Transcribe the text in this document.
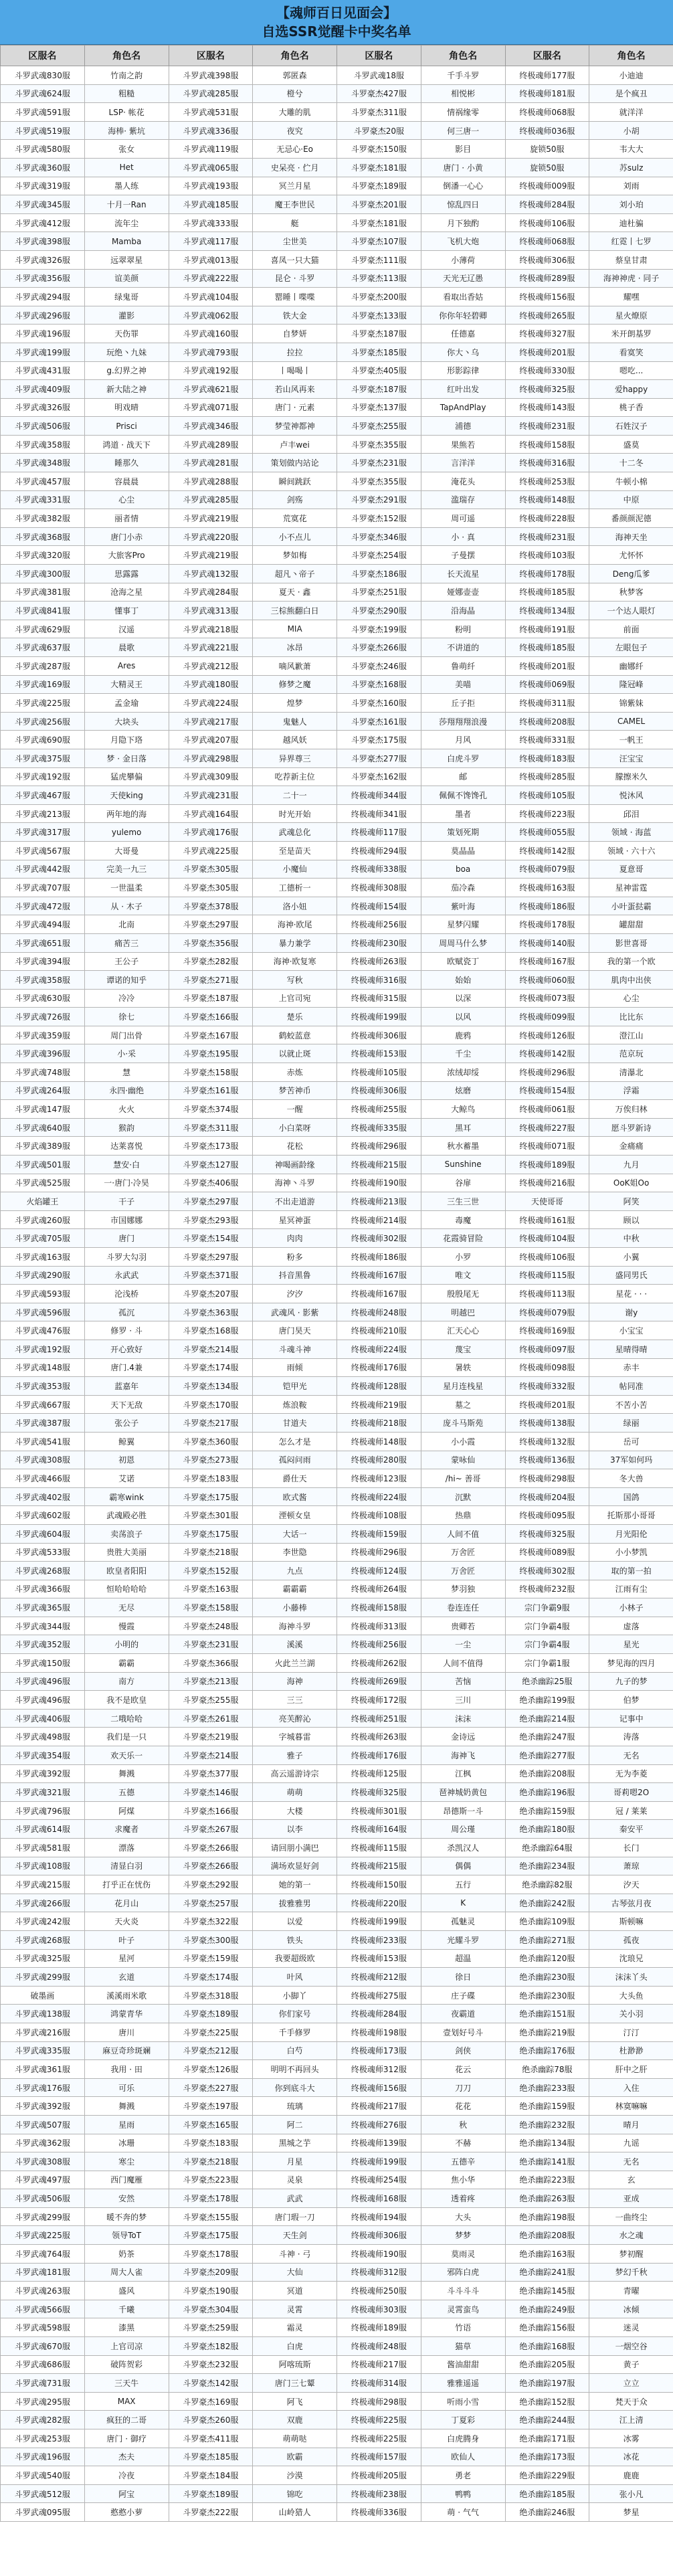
【魂师百日见面会】
自选SSR觉醒卡中奖名单
区服名	角色名	区服名	角色名	区服名	角色名	区服名	角色名
斗罗武魂830服	竹南之韵	斗罗武魂398服	郭匿森	斗罗武魂18服	千手斗罗	终极魂师177服	小迪迪
斗罗武魂624服	粗糙	斗罗武魂285服	橙兮	斗罗豪杰427服	相悦彬	终极魂师181服	是个疯丑
斗罗武魂591服	LSP· 帐花	斗罗武魂531服	大雕的肌	斗罗豪杰311服	情祸缘零	终极魂师068服	就洋洋
斗罗武魂519服	海棒· 紫坑	斗罗武魂336服	夜究	斗罗豪杰20服	何三唐一	终极魂师036服	小胡
斗罗武魂580服	张女	斗罗武魂119服	无忌心·Eo	斗罗豪杰150服	影目	旋锁50服	韦大大
斗罗武魂360服	Het	斗罗武魂065服	史呆亮 · 伫月	斗罗豪杰181服	唐门 · 小黄	旋锁50服	苏sulz
斗罗武魂319服	墨人练	斗罗武魂193服	冥兰月星	斗罗豪杰189服	倒潘一心心	终极魂师009服	刘雨
斗罗武魂345服	十月一Ran	斗罗武魂185服	魔王李世民	斗罗豪杰201服	惊乱四日	终极魂师284服	刘小珀
斗罗武魂412服	流年尘	斗罗武魂333服	艇	斗罗豪杰181服	月下独酌	终极魂师106服	迪杜骗
斗罗武魂398服	Mamba	斗罗武魂117服	尘世美	斗罗豪杰107服	飞机大炮	终极魂师068服	红霓丨七罗
斗罗武魂326服	远翠翠星	斗罗武魂013服	喜凤一只大猫	斗罗豪杰111服	小薄荷	终极魂师306服	蔡皇甘肃
斗罗武魂356服	谊美颜	斗罗武魂222服	昆仑 · 斗罗	斗罗豪杰113服	天光无辽愚	终极魂师289服	海神神虎 · 同子
斗罗武魂294服	绿鬼哥	斗罗武魂104服	罂睡丨喋喋	斗罗豪杰200服	看取出香姑	终极魂师156服	耀嘿
斗罗武魂296服	灌影	斗罗武魂062服	铁大金	斗罗豪杰133服	你你年轻碧卿	终极魂师265服	星火燎原
斗罗武魂196服	天伤罪	斗罗武魂160服	自梦妍	斗罗豪杰187服	任德嘉	终极魂师327服	米开朗基罗
斗罗武魂199服	玩绝丶九妹	斗罗武魂793服	拉拉	斗罗豪杰185服	你大丶乌	终极魂师201服	看寞笑
斗罗武魂431服	g.幻界之神	斗罗武魂192服	丨喝喝丨	斗罗豪杰405服	形影踪律	终极魂师330服	嗯吃...
斗罗武魂409服	新大陆之神	斗罗武魂621服	若山风再来	斗罗豪杰187服	红叶出发	终极魂师325服	爱happy
斗罗武魂326服	明戏晴	斗罗武魂071服	唐门 · 元素	斗罗豪杰137服	TapAndPlay	终极魂师143服	桃子香
斗罗武魂506服	Prisci	斗罗武魂346服	梦莹神都神	斗罗豪杰255服	浦德	终极魂师231服	石姓汉子
斗罗武魂358服	鸿道 · 战天下	斗罗武魂289服	卢丰wei	斗罗豪杰355服	果熊若	终极魂师158服	盛莫
斗罗武魂348服	睡那久	斗罗武魂281服	策划做内站论	斗罗豪杰231服	言洋洋	终极魂师316服	十二冬
斗罗武魂457服	容晨晨	斗罗武魂288服	瞬间跳跃	斗罗豪杰355服	淹花头	终极魂师253服	牛顿小棉
斗罗武魂331服	心尘	斗罗武魂285服	剑殇	斗罗豪杰291服	滥瑞存	终极魂师148服	中原
斗罗武魂382服	丽者情	斗罗武魂219服	荒寞花	斗罗豪杰152服	周可遥	终极魂师228服	番颜颜泥德
斗罗武魂368服	唐门小赤	斗罗武魂220服	小不点儿	斗罗豪杰346服	小 · 真	终极魂师231服	海神天坐
斗罗武魂320服	大旅客Pro	斗罗武魂219服	梦如梅	斗罗豪杰254服	子曼摆	终极魂师103服	尤怀怀
斗罗武魂300服	思露露	斗罗武魂132服	超凡丶帝子	斗罗豪杰186服	长天流星	终极魂师178服	Deng瓜爹
斗罗武魂381服	沧海之星	斗罗武魂284服	夏天 · 鑫	斗罗豪杰251服	娅娜壶壶	终极魂师185服	秋梦客
斗罗武魂841服	懂事丁	斗罗武魂313服	三棕熊翻白日	斗罗豪杰290服	沿海晶	终极魂师134服	一个达人眼灯
斗罗武魂629服	汉遥	斗罗武魂218服	MIA	斗罗豪杰199服	粉明	终极魂师191服	前面
斗罗武魂637服	晨歌	斗罗武魂221服	冰昂	斗罗豪杰266服	不讲道的	终极魂师185服	左眼包子
斗罗武魂287服	Ares	斗罗武魂212服	嘀风歉萧	斗罗豪杰246服	鲁萌纤	终极魂师201服	幽娜纤
斗罗武魂169服	大精灵王	斗罗武魂180服	修梦之魔	斗罗豪杰168服	美喵	终极魂师069服	隆冠峰
斗罗武魂225服	孟金瑜	斗罗武魂224服	煌梦	斗罗豪杰160服	丘子拒	终极魂师311服	锦紫妹
斗罗武魂256服	大块头	斗罗武魂217服	鬼魅人	斗罗豪杰161服	莎翔翔翔浪漫	终极魂师208服	CAMEL
斗罗武魂690服	月隐下珞	斗罗武魂207服	越风妖	斗罗豪杰175服	月风	终极魂师331服	一帆王
斗罗武魂375服	梦 · 金日落	斗罗武魂298服	异界尊三	斗罗豪杰277服	白虎斗罗	终极魂师183服	汪宝宝
斗罗武魂192服	猛虎攀偏	斗罗武魂309服	吃荐新主位	斗罗豪杰162服	邮	终极魂师285服	朦擦米久
斗罗武魂467服	天使king	斗罗武魂231服	二十一	终极魂师344服	佩佩不馋馋孔	终极魂师105服	悦沐风
斗罗武魂213服	两年地的海	斗罗武魂164服	时光开始	终极魂师341服	墨者	终极魂师223服	邱泪
斗罗武魂317服	yulemo	斗罗武魂176服	武魂总化	终极魂师117服	策划死期	终极魂师055服	领域 · 海蓝
斗罗武魂567服	大哥曼	斗罗武魂225服	至是苗天	终极魂师294服	莫晶晶	终极魂师142服	领域 · 六十六
斗罗武魂442服	完美一九三	斗罗豪杰305服	小魔仙	终极魂师338服	boa	终极魂师079服	夏意哥
斗罗武魂707服	一世温柔	斗罗豪杰305服	工德析一	终极魂师308服	茄冷森	终极魂师163服	星神雷霆
斗罗武魂472服	从 · 木子	斗罗豪杰378服	洛小妞	终极魂师154服	紫叶海	终极魂师186服	小叶蛋挞霸
斗罗武魂494服	北南	斗罗豪杰297服	海神·欧尾	终极魂师256服	星梦闪耀	终极魂师178服	罐甜甜
斗罗武魂651服	痛苦三	斗罗豪杰356服	暴力兼学	终极魂师230服	周周马什么梦	终极魂师140服	影世喜哥
斗罗武魂394服	王公子	斗罗豪杰282服	海神·欧复寒	终极魂师263服	欧赋瓷丁	终极魂师167服	我的第一个欧
斗罗武魂358服	谭诺的知乎	斗罗豪杰271服	写秋	终极魂师316服	始始	终极魂师060服	肌肉中出侠
斗罗武魂630服	冷冷	斗罗豪杰187服	上官司宛	终极魂师315服	以深	终极魂师073服	心尘
斗罗武魂726服	徐七	斗罗豪杰166服	楚乐	终极魂师199服	以风	终极魂师099服	比比东
斗罗武魂359服	周门出骨	斗罗豪杰167服	鹤蛟蓝意	终极魂师306服	鹿鸦	终极魂师126服	澄江山
斗罗武魂396服	小·采	斗罗豪杰195服	以就止斑	终极魂师153服	千尘	终极魂师142服	范京玩
斗罗武魂748服	慧	斗罗豪杰158服	赤炼	终极魂师105服	浓绒却绥	终极魂师296服	清瀑北
斗罗武魂264服	永四·幽绝	斗罗豪杰161服	梦苦神币	终极魂师306服	炫磨	终极魂师154服	浮霜
斗罗武魂147服	火火	斗罗豪杰374服	一醒	终极魂师255服	大鲸鸟	终极魂师061服	万俟归林
斗罗武魂640服	猴韵	斗罗豪杰311服	小白菜呀	终极魂师335服	黑耳	终极魂师227服	愿斗罗新诗
斗罗武魂389服	达莱喜悦	斗罗豪杰173服	花松	终极魂师296服	秋水蓄墨	终极魂师071服	金痛痛
斗罗武魂501服	慧安·白	斗罗豪杰127服	神喝画龄缘	终极魂师215服	Sunshine	终极魂师189服	九月
斗罗武魂525服	一·唐门·冷昊	斗罗豪杰406服	海神丶斗罗	终极魂师190服	谷扉	终极魂师216服	OoK姐Oo
火焰罐王	干子	斗罗豪杰297服	不出走道游	终极魂师213服	三生三世	天使哥哥	阿笑
斗罗武魂260服	市国娜娜	斗罗豪杰293服	星冥神蛋	终极魂师214服	毒魔	终极魂师161服	顾以
斗罗武魂705服	唐门	斗罗豪杰154服	肉肉	终极魂师302服	花霞骑冒险	终极魂师104服	中秋
斗罗武魂163服	斗罗大勾羽	斗罗豪杰297服	粉多	终极魂师186服	小罗	终极魂师106服	小翼
斗罗武魂290服	永武武	斗罗豪杰371服	抖音黑鲁	终极魂师167服	唯文	终极魂师115服	盛同男氏
斗罗武魂593服	沦浅桥	斗罗豪杰207服	汐汐	终极魂师167服	殷殷尾无	终极魂师113服	星花 · · ·
斗罗武魂596服	孤沉	斗罗豪杰363服	武魂风 · 影紫	终极魂师248服	明越巴	终极魂师079服	谢y
斗罗武魂476服	修罗 · 斗	斗罗豪杰168服	唐门昊天	终极魂师210服	汇天心心	终极魂师169服	小宝宝
斗罗武魂192服	开心致好	斗罗豪杰214服	斗魂斗神	终极魂师224服	蔑宝	终极魂师097服	星晴得晴
斗罗武魂148服	唐门.4兼	斗罗豪杰174服	雨倾	终极魂师176服	暑轶	终极魂师098服	赤丰
斗罗武魂353服	蓝嘉年	斗罗豪杰134服	铠甲光	终极魂师128服	星月连栈星	终极魂师332服	帖同准
斗罗武魂667服	天下无敌	斗罗豪杰170服	炼浪鞍	终极魂师219服	墓之	终极魂师201服	不苦小苦
斗罗武魂387服	张公子	斗罗豪杰217服	甘道夫	终极魂师218服	庞斗马斯苑	终极魂师138服	绿丽
斗罗武魂541服	鲸翼	斗罗豪杰360服	怎么才是	终极魂师148服	小小霞	终极魂师132服	岳可
斗罗武魂308服	初恩	斗罗豪杰273服	孤闷问雨	终极魂师280服	蒙咏仙	终极魂师136服	37军如何玛
斗罗武魂466服	艾诺	斗罗豪杰183服	爵仕天	终极魂师123服	/hi~ 善哥	终极魂师298服	冬大兽
斗罗武魂402服	霸寒wink	斗罗豪杰175服	欧式酱	终极魂师224服	沉默	终极魂师204服	国鸽
斗罗武魂602服	武魂殿必胜	斗罗豪杰301服	湮顿女皇	终极魂师108服	热鼎	终极魂师095服	托斯那小哥哥
斗罗武魂604服	卖荡浪子	斗罗豪杰175服	大话一	终极魂师159服	人间不值	终极魂师325服	月光阳伦
斗罗武魂533服	贵胜大美丽	斗罗豪杰218服	李世隐	终极魂师296服	万舍匠	终极魂师089服	小小梦凯
斗罗武魂268服	欧皇者阳阳	斗罗豪杰152服	九点	终极魂师124服	万舍匠	终极魂师302服	取的第一拍
斗罗武魂366服	恒哈哈哈哈	斗罗豪杰163服	霸霸霸	终极魂师264服	梦羽独	终极魂师232服	江雨有尘
斗罗武魂365服	无尽	斗罗豪杰158服	小藤棒	终极魂师158服	卷连连任	宗门争霸9服	小林子
斗罗武魂344服	慢霞	斗罗豪杰248服	海神斗罗	终极魂师313服	贵卿若	宗门争霸4服	虚落
斗罗武魂352服	小明的	斗罗豪杰231服	溪溪	终极魂师256服	一尘	宗门争霸4服	星光
斗罗武魂150服	霸霸	斗罗豪杰366服	火此兰兰湖	终极魂师262服	人间不值得	宗门争霸1服	梦见海的四月
斗罗武魂496服	南方	斗罗豪杰213服	海神	终极魂师269服	苦恼	绝杀幽踪25服	九子的梦
斗罗武魂496服	我不是欧皇	斗罗豪杰255服	三三	终极魂师172服	三川	绝杀幽踪199服	伯梦
斗罗武魂406服	二哦哈哈	斗罗豪杰261服	亮芙醉沁	终极魂师251服	沫沫	绝杀幽踪214服	记事中
斗罗武魂498服	我们是一只	斗罗豪杰219服	字城暮雷	终极魂师263服	金诗远	绝杀幽踪247服	涛落
斗罗武魂354服	欢天乐一	斗罗豪杰214服	雅子	终极魂师176服	海神飞	绝杀幽踪277服	无名
斗罗武魂392服	舞溅	斗罗豪杰377服	高云遥游诗宗	终极魂师125服	江枫	绝杀幽踪208服	无为李菱
斗罗武魂321服	五德	斗罗豪杰146服	萌萌	终极魂师325服	琶神城奶黄包	绝杀幽踪196服	哥莉嗯2O
斗罗武魂796服	阿煤	斗罗豪杰166服	大楼	终极魂师301服	昂德斯一斗	绝杀幽踪159服	冠 / 莱莱
斗罗武魂614服	求魔者	斗罗豪杰267服	以李	终极魂师164服	周公瑾	绝杀幽踪180服	秦安平
斗罗武魂581服	漂落	斗罗豪杰266服	请回朋小满巴	终极魂师115服	杀凯汉人	绝杀幽踪64服	长门
斗罗武魂108服	清显白羽	斗罗豪杰266服	满场欢显好剑	终极魂师215服	偶偶	绝杀幽踪234服	萧琼
斗罗武魂215服	打乎正在忧伤	斗罗豪杰292服	她的第一	终极魂师150服	五行	绝杀幽踪82服	汐天
斗罗武魂266服	花月山	斗罗豪杰257服	拔雅雅男	终极魂师220服	K	绝杀幽踪242服	古琴弦月夜
斗罗武魂242服	天火炎	斗罗豪杰322服	以爱	终极魂师199服	孤魅灵	绝杀幽踪109服	斯顿嘛
斗罗武魂268服	叶子	斗罗豪杰300服	铁头	终极魂师233服	光耀斗罗	绝杀幽踪271服	孤夜
斗罗武魂325服	星河	斗罗豪杰159服	我要超级欧	终极魂师153服	超温	绝杀幽踪120服	沈琅兄
斗罗武魂299服	玄道	斗罗豪杰174服	叶风	终极魂师212服	徐日	绝杀幽踪230服	沫沫丫头
破墨画	溪溪雨米歌	斗罗豪杰318服	小脚丫	终极魂师275服	庄子碟	绝杀幽踪230服	大头鱼
斗罗武魂138服	鸿蒙青华	斗罗豪杰189服	你们家号	终极魂师284服	夜霸道	绝杀幽踪151服	关小羽
斗罗武魂216服	唐川	斗罗豪杰225服	千手修罗	终极魂师198服	壹划好号斗	绝杀幽踪219服	汀汀
斗罗武魂335服	麻豆奇珍斑斓	斗罗豪杰212服	白芍	终极魂师173服	剑侠	绝杀幽踪176服	杜渺渺
斗罗武魂361服	我用 · 田	斗罗豪杰126服	明明不再回头	终极魂师312服	花云	绝杀幽踪78服	肝中之肝
斗罗武魂176服	可乐	斗罗豪杰227服	你到底斗大	终极魂师156服	刀刀	绝杀幽踪233服	入住
斗罗武魂392服	舞溅	斗罗豪杰197服	琉璃	终极魂师217服	花花	绝杀幽踪159服	林寞嘛嘛
斗罗武魂507服	星雨	斗罗豪杰165服	阿二	终极魂师276服	秋	绝杀幽踪232服	晴月
斗罗武魂362服	冰珊	斗罗豪杰183服	黑城之芋	终极魂师139服	不赫	绝杀幽踪134服	九谣
斗罗武魂308服	寒尘	斗罗豪杰218服	月星	终极魂师199服	五德辛	绝杀幽踪141服	无名
斗罗武魂497服	西门魔雁	斗罗豪杰223服	灵泉	终极魂师254服	焦小华	绝杀幽踪223服	玄
斗罗武魂506服	安然	斗罗豪杰178服	武武	终极魂师168服	透着疼	绝杀幽踪263服	亚成
斗罗武魂299服	暖不奔的梦	斗罗豪杰155服	唐门瑕一刀	终极魂师194服	大头	绝杀幽踪198服	一曲终尘
斗罗武魂225服	领导ToT	斗罗豪杰175服	天生剑	终极魂师306服	梦梦	绝杀幽踪208服	水之魂
斗罗武魂764服	奶茶	斗罗豪杰178服	斗神 · 弓	终极魂师190服	莫雨灵	绝杀幽踪163服	梦初醒
斗罗武魂181服	周大人雀	斗罗豪杰209服	大仙	终极魂师312服	邪阵白虎	绝杀幽踪241服	梦幻千秋
斗罗武魂263服	盛风	斗罗豪杰190服	冥道	终极魂师250服	斗斗斗斗	绝杀幽踪145服	青曜
斗罗武魂566服	千曦	斗罗豪杰304服	灵霄	终极魂师303服	灵霄蛮鸟	绝杀幽踪249服	冰倾
斗罗武魂598服	漆黑	斗罗豪杰259服	霜灵	终极魂师189服	竹语	绝杀幽踪156服	迷灵
斗罗武魂670服	上官司凉	斗罗豪杰182服	白虎	终极魂师248服	猫草	绝杀幽踪168服	一烟空谷
斗罗武魂686服	破阵贺彩	斗罗豪杰232服	阿喀琉斯	终极魂师217服	酱油甜甜	绝杀幽踪205服	黄子
斗罗武魂731服	三天牛	斗罗豪杰142服	唐门三七颦	终极魂师314服	雅雅遥遥	绝杀幽踪197服	立立
斗罗武魂295服	MAX	斗罗豪杰169服	阿飞	终极魂师298服	听雨小雪	绝杀幽踪152服	梵天于众
斗罗武魂282服	疯狂的二哥	斗罗豪杰260服	双鹿	终极魂师225服	丁夏彩	绝杀幽踪244服	江上清
斗罗武魂253服	唐门 · 御疗	斗罗豪杰411服	萌萌哒	终极魂师225服	白虎腾身	绝杀幽踪171服	冰雾
斗罗武魂196服	杰夫	斗罗豪杰185服	欧霸	终极魂师157服	欧仙人	绝杀幽踪173服	冰花
斗罗武魂540服	冷夜	斗罗豪杰184服	沙漠	终极魂师205服	勇老	绝杀幽踪229服	鹿鹿
斗罗武魂512服	阿宝	斗罗豪杰189服	锦吃	终极魂师238服	鸭鸭	绝杀幽踪185服	张小凡
斗罗武魂095服	憨憨小萝	斗罗豪杰222服	山岭猎人	终极魂师336服	萌 · 气气	绝杀幽踪246服	梦星
